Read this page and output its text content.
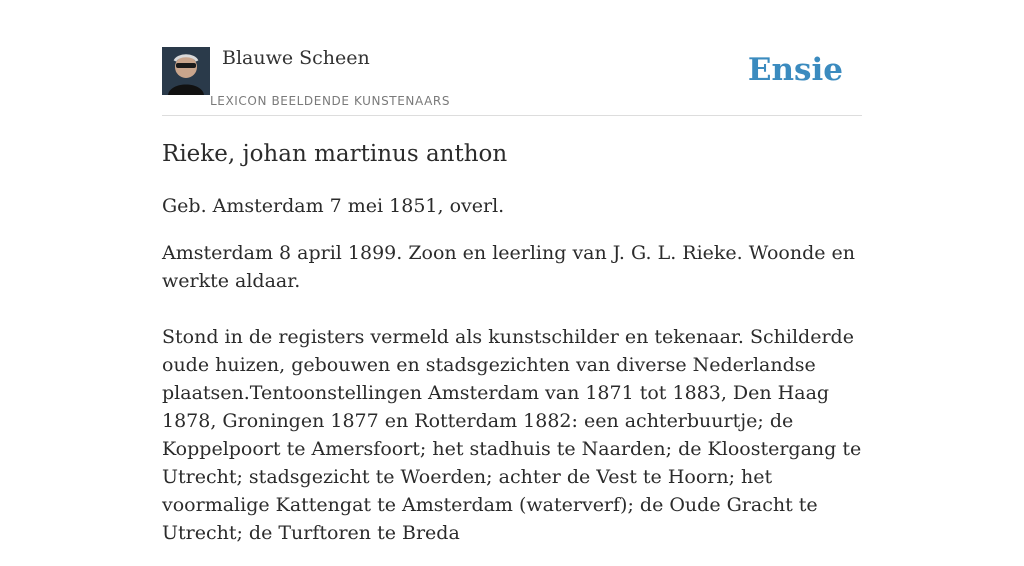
Blauwe Scheen
LEXICON BEELDENDE KUNSTENAARS
Ensie
Rieke, johan martinus anthon

Geb. Amsterdam 7 mei 1851, overl.

Amsterdam 8 april 1899. Zoon en leerling van J. G. L. Rieke. Woonde en werkte aldaar.

Stond in de registers vermeld als kunstschilder en tekenaar. Schilderde oude huizen, gebouwen en stadsgezichten van diverse Nederlandse plaatsen.Tentoonstellingen Amsterdam van 1871 tot 1883, Den Haag 1878, Groningen 1877 en Rotterdam 1882: een achterbuurtje; de Koppelpoort te Amersfoort; het stadhuis te Naarden; de Kloostergang te Utrecht; stadsgezicht te Woerden; achter de Vest te Hoorn; het voormalige Kattengat te Amsterdam (waterverf); de Oude Gracht te Utrecht; de Turftoren te Breda
